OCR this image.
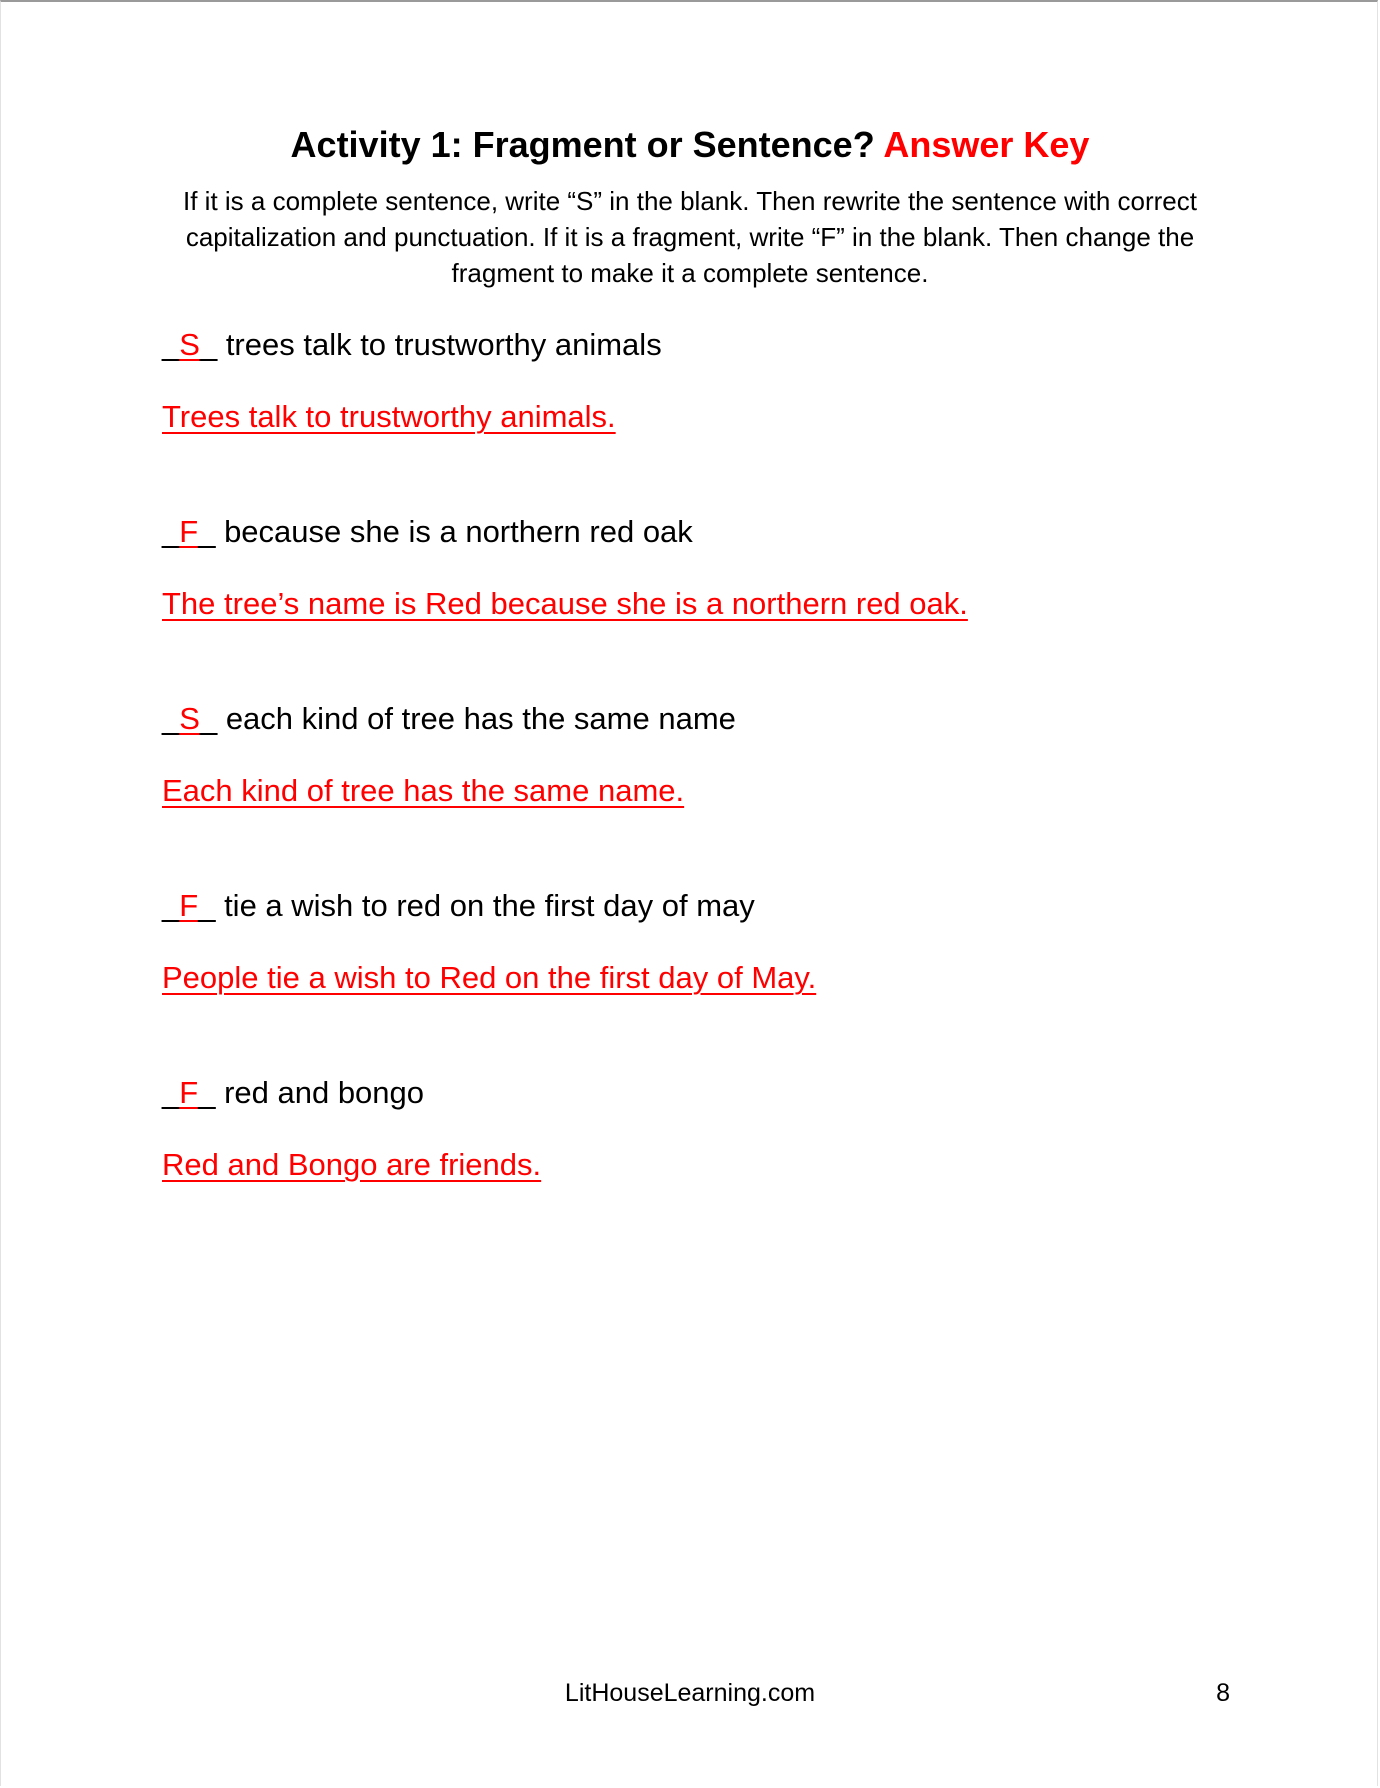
Activity 1: Fragment or Sentence? Answer Key

If it is a complete sentence, write “S” in the blank. Then rewrite the sentence with correct capitalization and punctuation. If it is a fragment, write “F” in the blank. Then change the fragment to make it a complete sentence.

_S_ trees talk to trustworthy animals
Trees talk to trustworthy animals.
_F_ because she is a northern red oak
The tree’s name is Red because she is a northern red oak.
_S_ each kind of tree has the same name
Each kind of tree has the same name.
_F_ tie a wish to red on the first day of may
People tie a wish to Red on the first day of May.
_F_ red and bongo
Red and Bongo are friends.
LitHouseLearning.com	8
